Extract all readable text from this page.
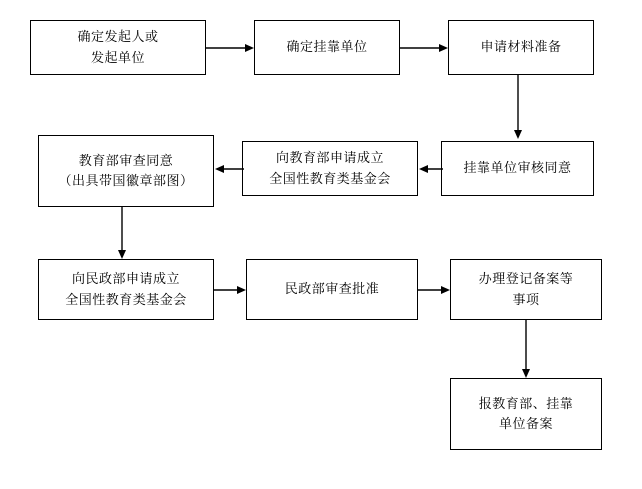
确定发起人或
发起单位
确定挂靠单位	申请材料准备
挂靠单位审核同意
向教育部申请成立
全国性教育类基金会
教育部审查同意
（出具带国徽章部图）
向民政部申请成立
全国性教育类基金会
民政部审查批准
办理登记备案等
事项
报教育部、挂靠
单位备案
